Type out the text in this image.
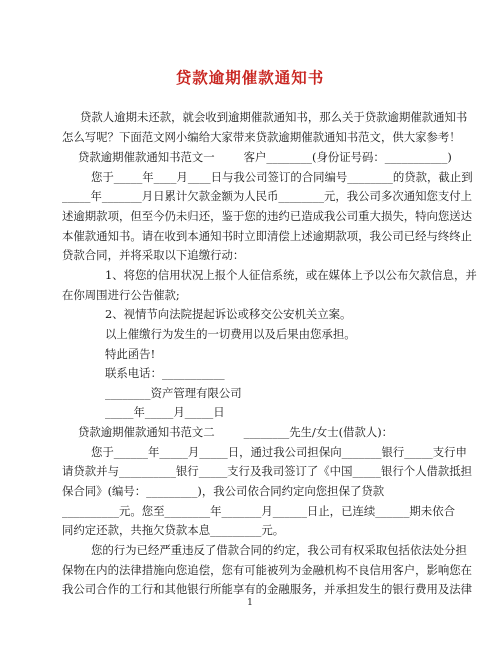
贷款逾期催款通知书
贷款人逾期未还款，就会收到逾期催款通知书，那么关于贷款逾期催款通知书
怎么写呢？下面范文网小编给大家带来贷款逾期催款通知书范文，供大家参考！
贷款逾期催款通知书范文一        客户________(身份证号码：___________)
您于_____年____月____日与我公司签订的合同编号________的贷款，截止到
_____年_______月日累计欠款金额为人民币________元，我公司多次通知您支付上
述逾期款项，但至今仍未归还，鉴于您的违约已造成我公司重大损失，特向您送达
本催款通知书。请在收到本通知书时立即清偿上述逾期款项，我公司已经与终终止
贷款合同，并将采取以下追缴行动：
1、将您的信用状况上报个人征信系统，或在媒体上予以公布欠款信息，并
在你周围进行公告催款;
2、视情节向法院提起诉讼或移交公安机关立案。
以上催缴行为发生的一切费用以及后果由您承担。
特此函告!
联系电话：___________
________资产管理有限公司
_____年_____月_____日
贷款逾期催款通知书范文二        ________先生/女士(借款人)：
您于______年_____月_____日，通过我公司担保向_______银行_____支行申
请贷款并与__________银行_____支行及我司签订了《中国_____银行个人借款抵担
保合同》(编号：_________)，我公司依合同约定向您担保了贷款
__________元。您至________年_______月______日止，已连续______期未依合
同约定还款，共拖欠贷款本息_________元。
您的行为已经严重违反了借款合同的约定，我公司有权采取包括依法处分担
保物在内的法律措施向您追偿，您有可能被列为金融机构不良信用客户，影响您在
我公司合作的工行和其他银行所能享有的金融服务，并承担发生的银行费用及法律
1
